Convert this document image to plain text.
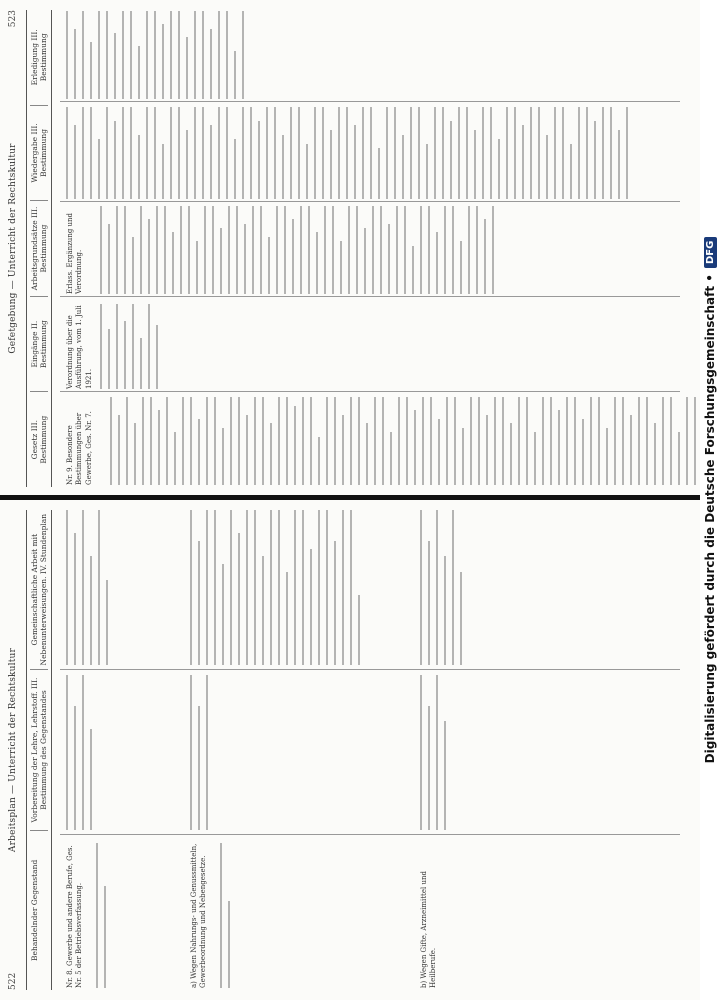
523
Gefetgebung — Unterricht der Rechtskultur
Gesetz III. Bestimmung
Eingänge II. Bestimmung
Arbeitsgrundsätze III. Bestimmung
Wiedergabe III. Bestimmung
Erledigung III. Bestimmung
Nr. 9. Besondere Bestimmungen über Gewerbe, Ges. Nr. 7.
Verordnung über die Ausführung, vom 1. Juli 1921.
Erlass. Ergänzung und Verordnung.
522
Arbeitsplan — Unterricht der Rechtskultur
Behandelnder Gegenstand
Vorbereitung der Lehre, Lehrstoff. III. Bestimmung des Gegenstandes
Gemeinschaftliche Arbeit mit Nebenunterweisungen. IV. Stundenplan
Nr. 8. Gewerbe und andere Berufe, Ges. Nr. 5 der Betriebsverfassung.	a) Wegen Nahrungs- und Genussmitteln, Gewerbeordnung und Nebengesetze.	b) Wegen Gifte, Arzneimittel und Heilberufe.
Digitalisierung gefördert durch die Deutsche Forschungsgemeinschaft •
DFG
